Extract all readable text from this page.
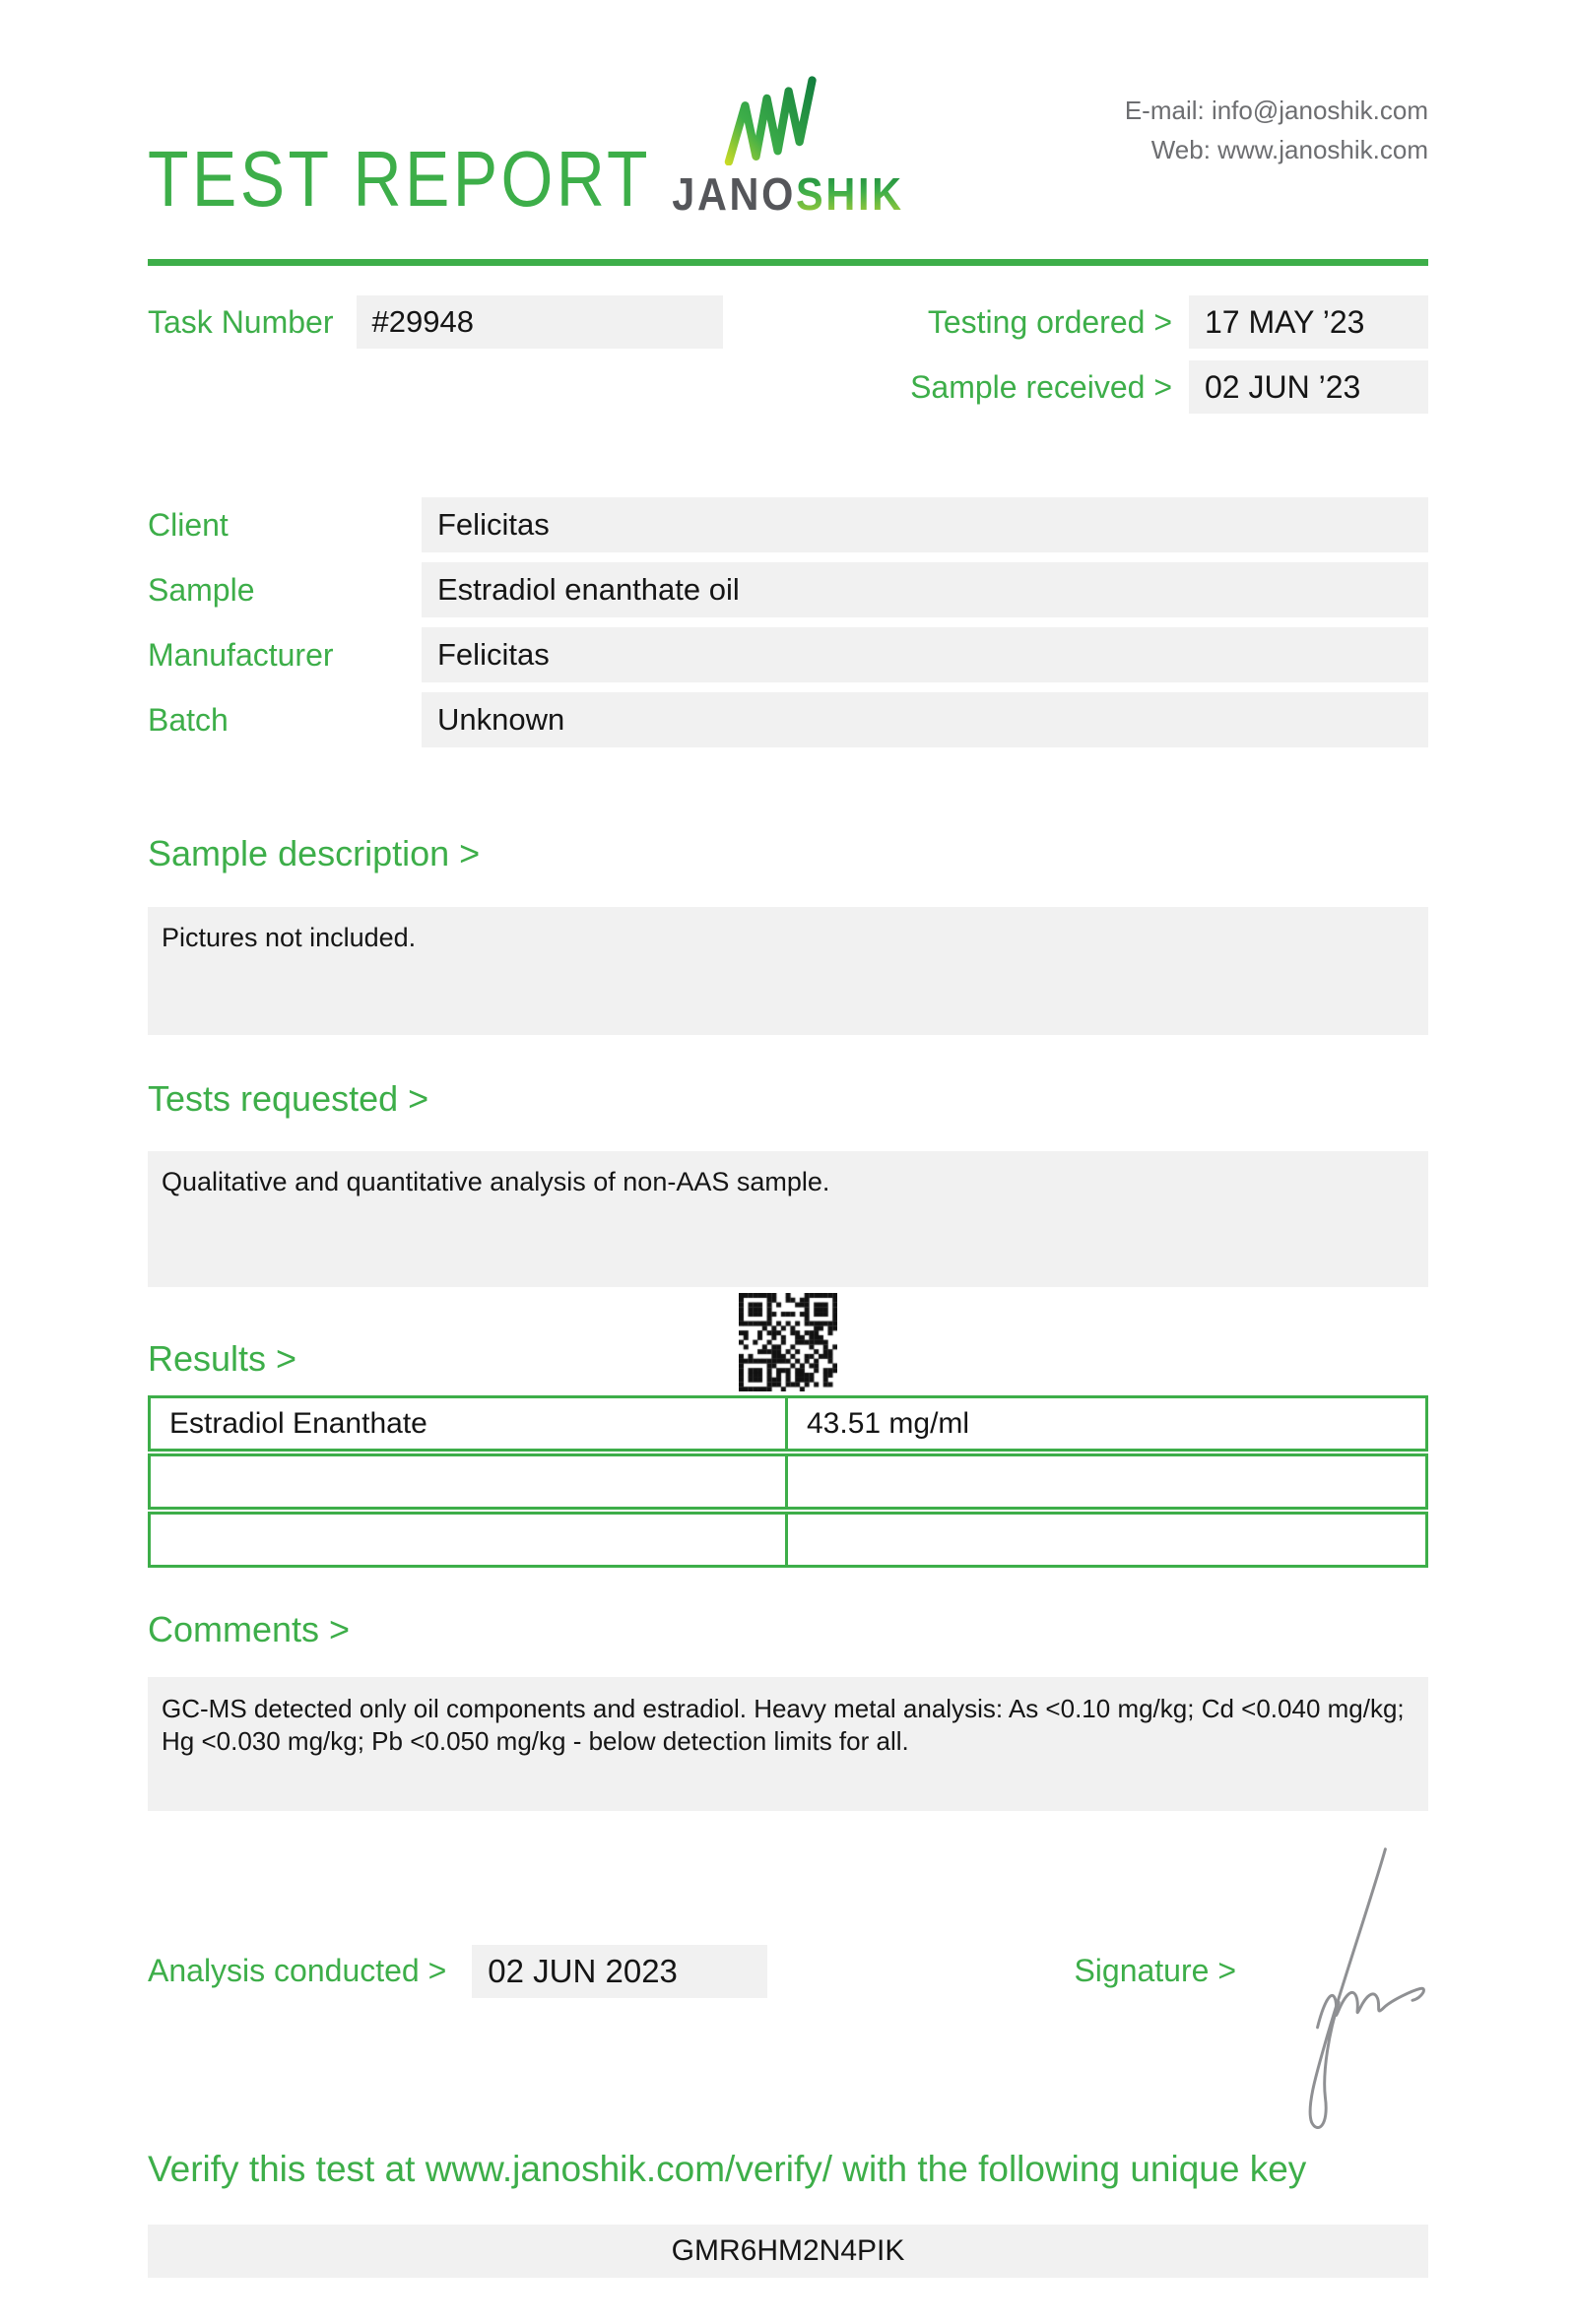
TEST REPORT JANOSHIK
E-mail: info@janoshik.com
Web: www.janoshik.com
Task Number	#29948	Testing ordered >	17 MAY ’23
Sample received >	02 JUN ’23
Client	Felicitas
Sample	Estradiol enanthate oil
Manufacturer	Felicitas
Batch	Unknown
Sample description >
Pictures not included.
Tests requested >
Qualitative and quantitative analysis of non-AAS sample.
Results >
Estradiol Enanthate	43.51 mg/ml
Comments >
GC-MS detected only oil components and estradiol. Heavy metal analysis: As <0.10 mg/kg; Cd <0.040 mg/kg; Hg <0.030 mg/kg; Pb <0.050 mg/kg - below detection limits for all.
Analysis conducted >	02 JUN 2023	Signature >
Verify this test at www.janoshik.com/verify/ with the following unique key
GMR6HM2N4PIK
